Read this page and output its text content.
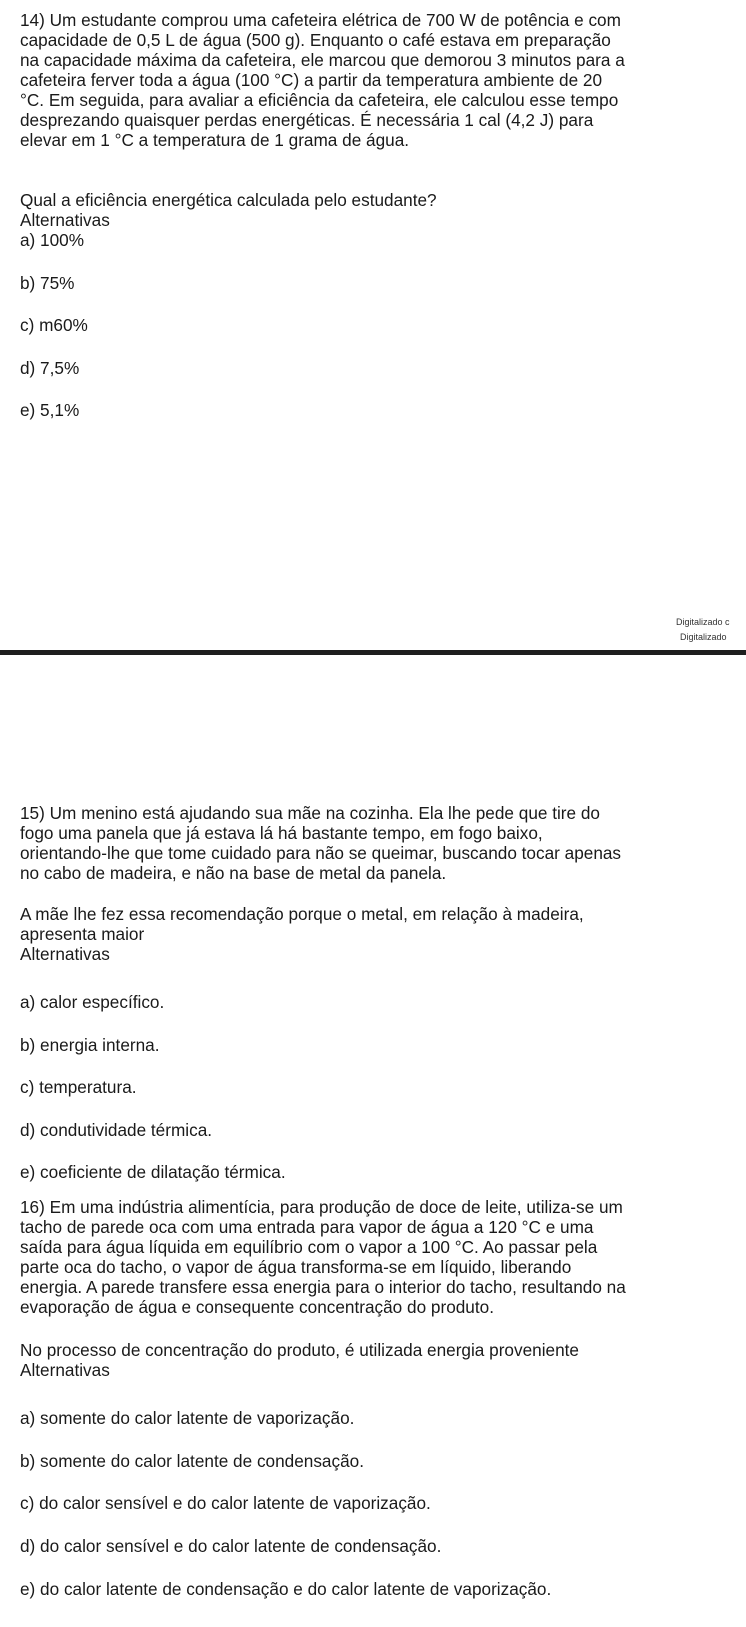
14) Um estudante comprou uma cafeteira elétrica de 700 W de potência e com
capacidade de 0,5 L de água (500 g). Enquanto o café estava em preparação
na capacidade máxima da cafeteira, ele marcou que demorou 3 minutos para a
cafeteira ferver toda a água (100 °C) a partir da temperatura ambiente de 20
°C. Em seguida, para avaliar a eficiência da cafeteira, ele calculou esse tempo
desprezando quaisquer perdas energéticas. É necessária 1 cal (4,2 J) para
elevar em 1 °C a temperatura de 1 grama de água.
Qual a eficiência energética calculada pelo estudante?
Alternativas
a) 100%
b) 75%
c) m60%
d) 7,5%
e) 5,1%
Digitalizado c
Digitalizado
15) Um menino está ajudando sua mãe na cozinha. Ela lhe pede que tire do
fogo uma panela que já estava lá há bastante tempo, em fogo baixo,
orientando-lhe que tome cuidado para não se queimar, buscando tocar apenas
no cabo de madeira, e não na base de metal da panela.
A mãe lhe fez essa recomendação porque o metal, em relação à madeira,
apresenta maior
Alternativas
a) calor específico.
b) energia interna.
c) temperatura.
d) condutividade térmica.
e) coeficiente de dilatação térmica.
16) Em uma indústria alimentícia, para produção de doce de leite, utiliza-se um
tacho de parede oca com uma entrada para vapor de água a 120 °C e uma
saída para água líquida em equilíbrio com o vapor a 100 °C. Ao passar pela
parte oca do tacho, o vapor de água transforma-se em líquido, liberando
energia. A parede transfere essa energia para o interior do tacho, resultando na
evaporação de água e consequente concentração do produto.
No processo de concentração do produto, é utilizada energia proveniente
Alternativas
a) somente do calor latente de vaporização.
b) somente do calor latente de condensação.
c) do calor sensível e do calor latente de vaporização.
d) do calor sensível e do calor latente de condensação.
e) do calor latente de condensação e do calor latente de vaporização.
